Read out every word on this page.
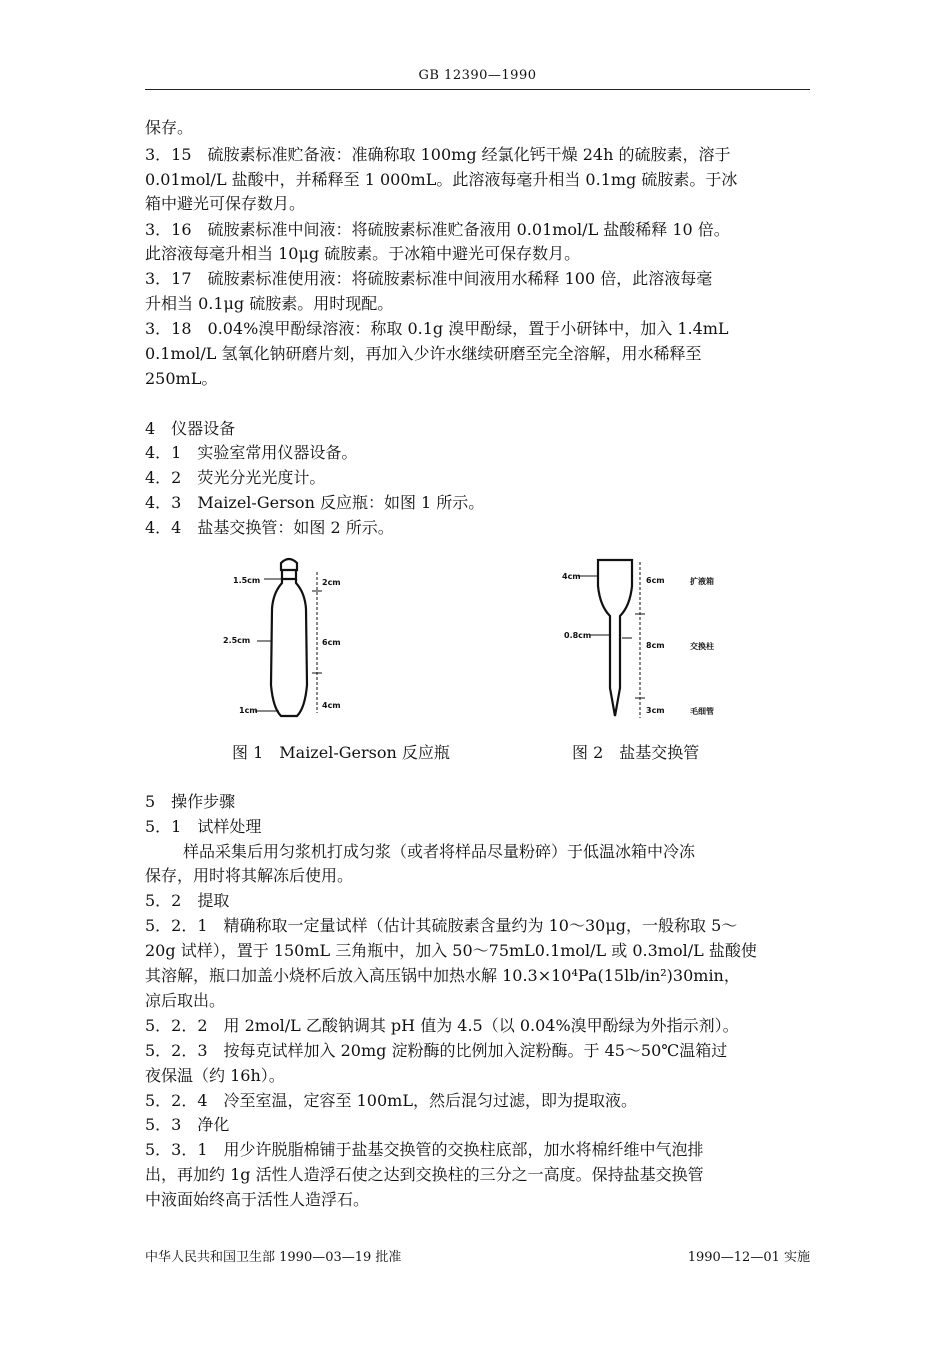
GB 12390—1990
保存。
3．15　硫胺素标准贮备液：准确称取 100mg 经氯化钙干燥 24h 的硫胺素，溶于
0.01mol/L 盐酸中，并稀释至 1 000mL。此溶液每毫升相当 0.1mg 硫胺素。于冰
箱中避光可保存数月。
3．16　硫胺素标准中间液：将硫胺素标准贮备液用 0.01mol/L 盐酸稀释 10 倍。
此溶液每毫升相当 10μg 硫胺素。于冰箱中避光可保存数月。
3．17　硫胺素标准使用液：将硫胺素标准中间液用水稀释 100 倍，此溶液每毫
升相当 0.1μg 硫胺素。用时现配。
3．18　0.04%溴甲酚绿溶液：称取 0.1g 溴甲酚绿，置于小研钵中，加入 1.4mL
0.1mol/L 氢氧化钠研磨片刻，再加入少许水继续研磨至完全溶解，用水稀释至
250mL。
4　仪器设备
4．1　实验室常用仪器设备。
4．2　荧光分光光度计。
4．3　Maizel-Gerson 反应瓶：如图 1 所示。
4．4　盐基交换管：如图 2 所示。
1.5cm	2cm
2.5cm	6cm
1cm
4cm
4cm	6cm	扩液箱
0.8cm
8cm	交换柱
3cm	毛细管
图 1　Maizel-Gerson 反应瓶	图 2　盐基交换管
5　操作步骤
5．1　试样处理
样品采集后用匀浆机打成匀浆（或者将样品尽量粉碎）于低温冰箱中冷冻
保存，用时将其解冻后使用。
5．2　提取
5．2．1　精确称取一定量试样（估计其硫胺素含量约为 10～30μg，一般称取 5～
20g 试样），置于 150mL 三角瓶中，加入 50～75mL0.1mol/L 或 0.3mol/L 盐酸使
其溶解，瓶口加盖小烧杯后放入高压锅中加热水解 10.3×10⁴Pa(15lb/in²)30min，
凉后取出。
5．2．2　用 2mol/L 乙酸钠调其 pH 值为 4.5（以 0.04%溴甲酚绿为外指示剂）。
5．2．3　按每克试样加入 20mg 淀粉酶的比例加入淀粉酶。于 45～50℃温箱过
夜保温（约 16h）。
5．2．4　冷至室温，定容至 100mL，然后混匀过滤，即为提取液。
5．3　净化
5．3．1　用少许脱脂棉铺于盐基交换管的交换柱底部，加水将棉纤维中气泡排
出，再加约 1g 活性人造浮石使之达到交换柱的三分之一高度。保持盐基交换管
中液面始终高于活性人造浮石。
中华人民共和国卫生部 1990—03—19 批准	1990—12—01 实施
